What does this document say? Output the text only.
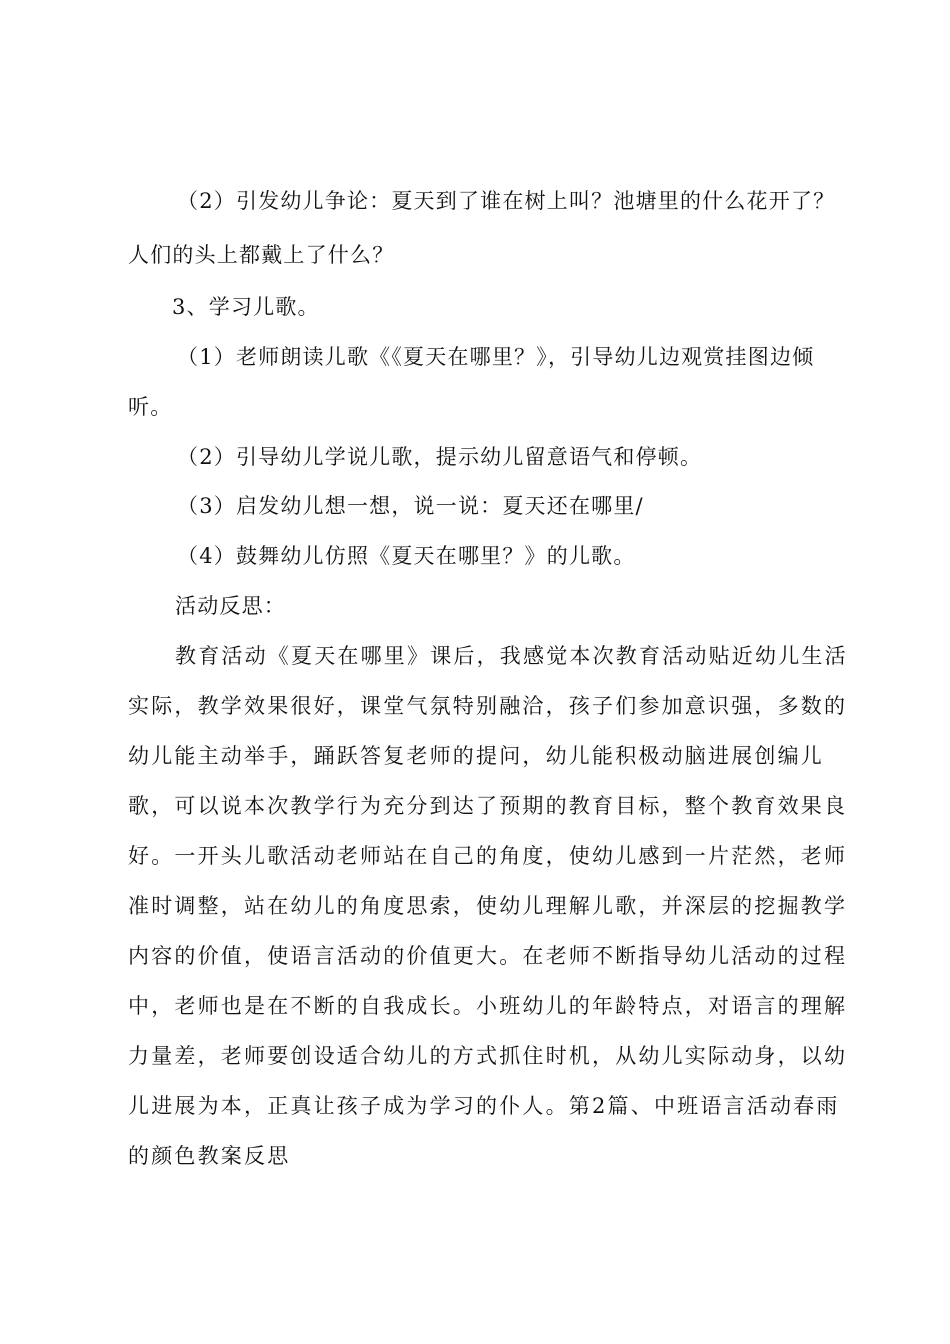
（2）引发幼儿争论：夏天到了谁在树上叫？池塘里的什么花开了？

人们的头上都戴上了什么？

3、学习儿歌。

（1）老师朗读儿歌《《夏天在哪里？》，引导幼儿边观赏挂图边倾

听。

（2）引导幼儿学说儿歌，提示幼儿留意语气和停顿。

（3）启发幼儿想一想，说一说：夏天还在哪里/

（4）鼓舞幼儿仿照《夏天在哪里？》的儿歌。

活动反思：

教育活动《夏天在哪里》课后，我感觉本次教育活动贴近幼儿生活

实际，教学效果很好，课堂气氛特别融洽，孩子们参加意识强，多数的

幼儿能主动举手，踊跃答复老师的提问，幼儿能积极动脑进展创编儿

歌，可以说本次教学行为充分到达了预期的教育目标，整个教育效果良

好。一开头儿歌活动老师站在自己的角度，使幼儿感到一片茫然，老师

准时调整，站在幼儿的角度思索，使幼儿理解儿歌，并深层的挖掘教学

内容的价值，使语言活动的价值更大。在老师不断指导幼儿活动的过程

中，老师也是在不断的自我成长。小班幼儿的年龄特点，对语言的理解

力量差，老师要创设适合幼儿的方式抓住时机，从幼儿实际动身，以幼

儿进展为本，正真让孩子成为学习的仆人。第2篇、中班语言活动春雨

的颜色教案反思
